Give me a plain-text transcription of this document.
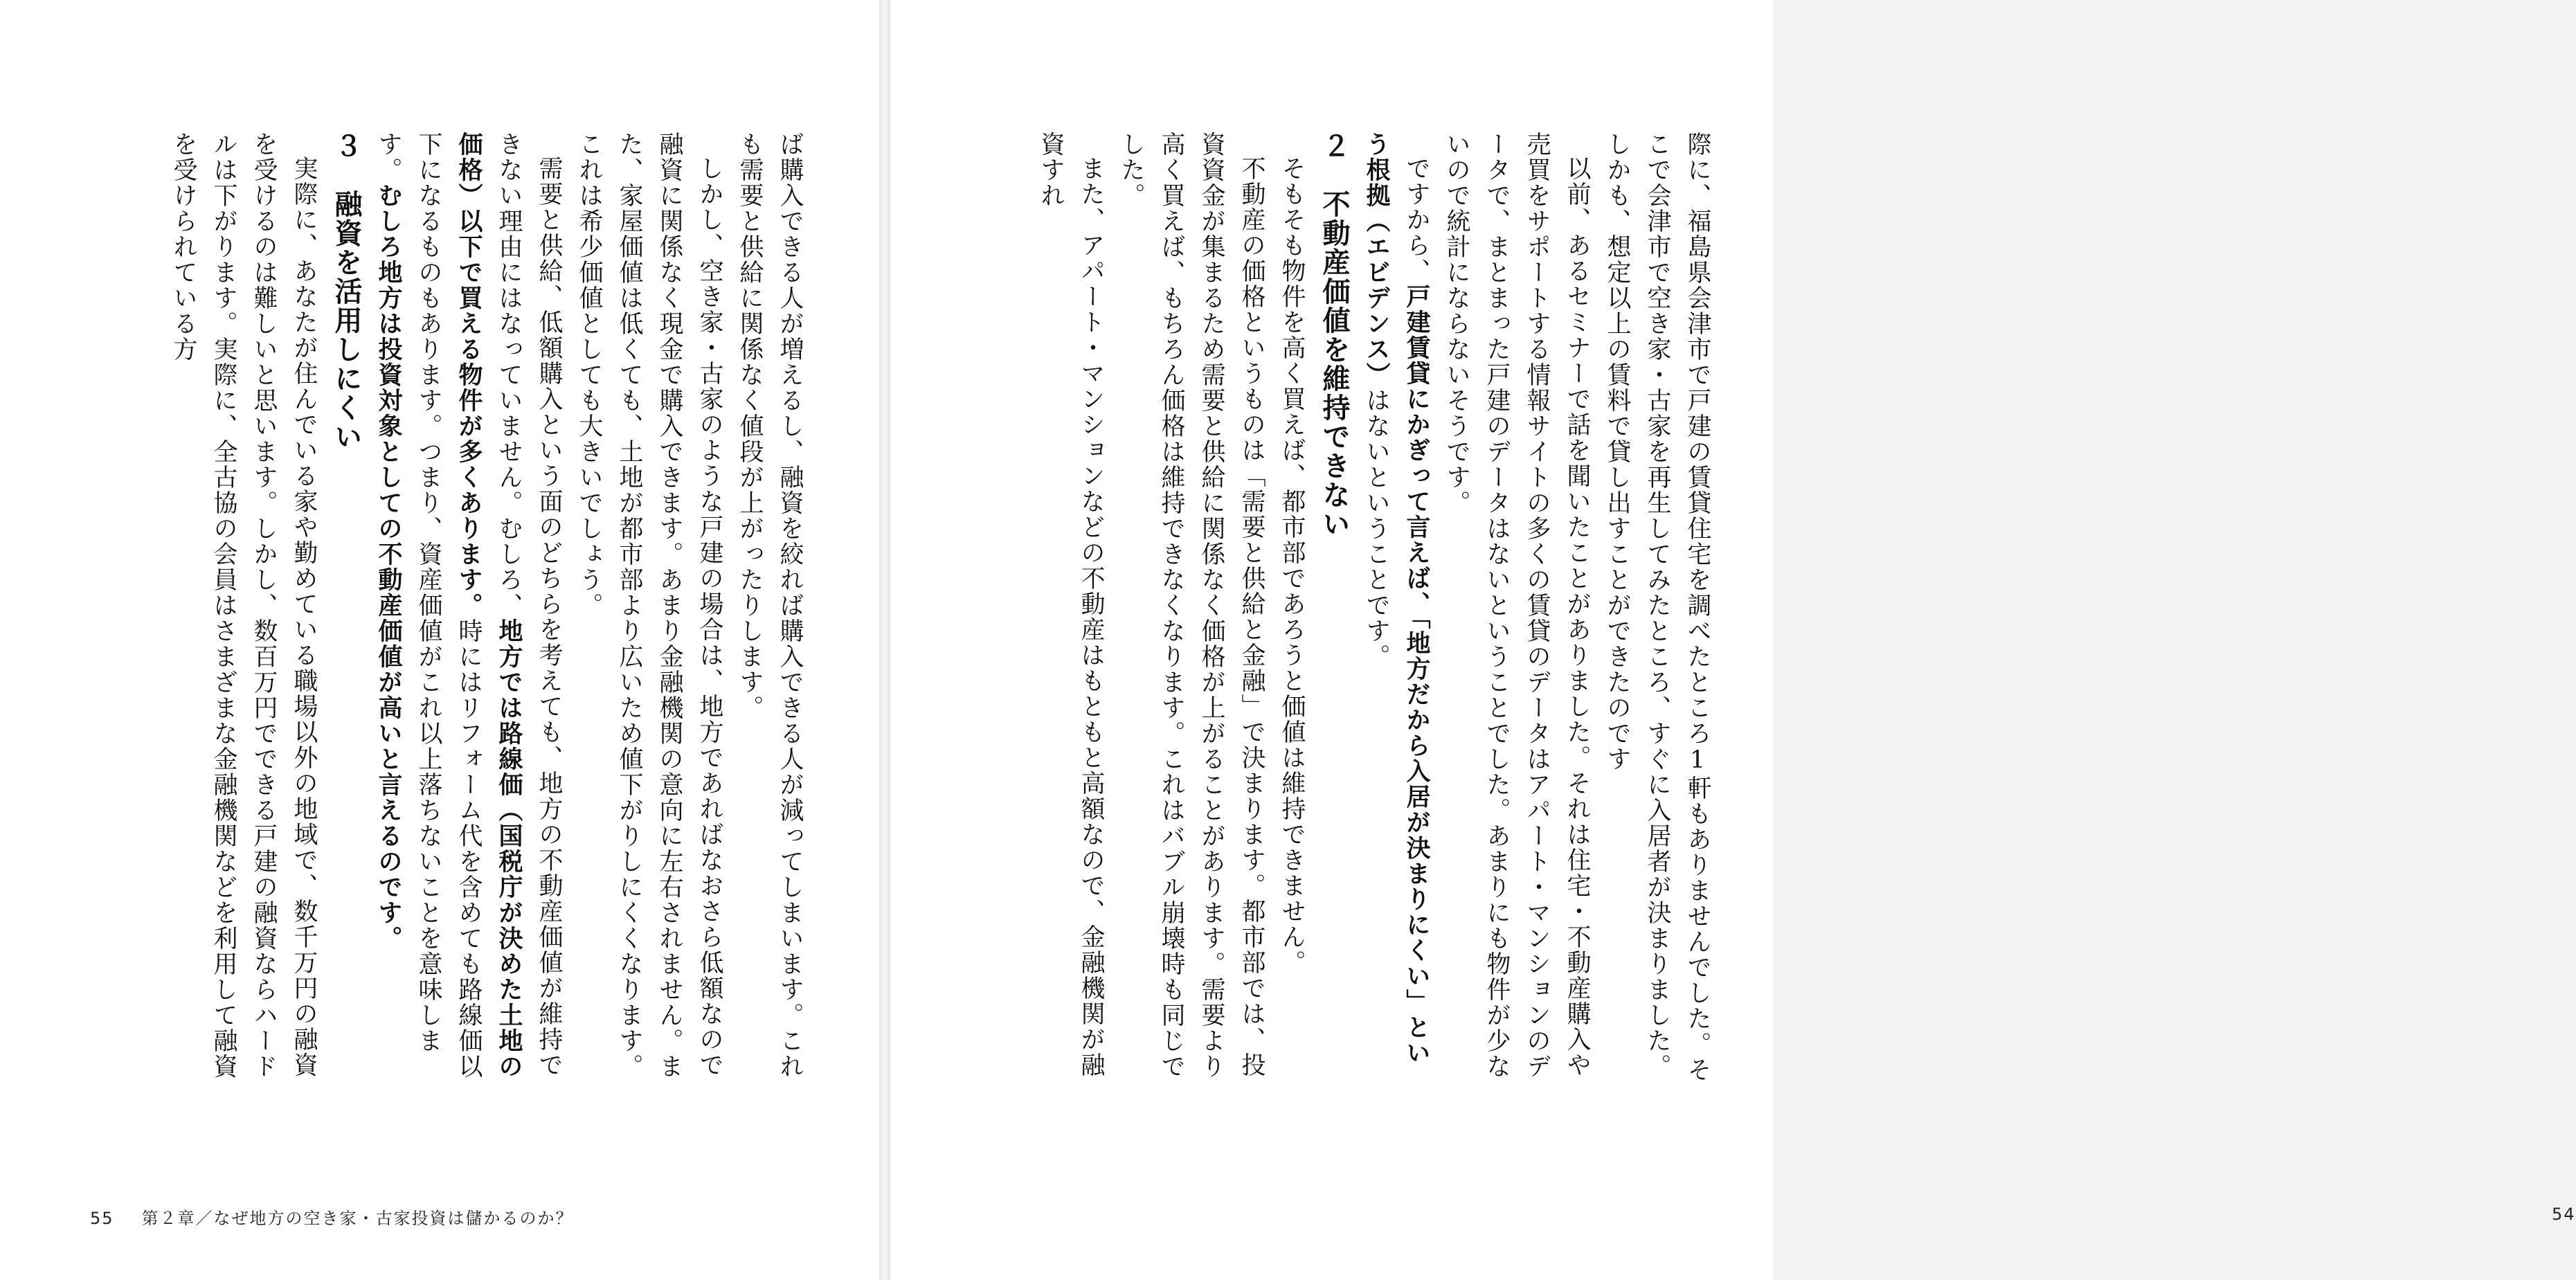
際に、福島県会津市で戸建の賃貸住宅を調べたところ1軒もありませんでした。そこで会津市で空き家・古家を再生してみたところ、すぐに入居者が決まりました。しかも、想定以上の賃料で貸し出すことができたのです

以前、あるセミナーで話を聞いたことがありました。それは住宅・不動産購入や売買をサポートする情報サイトの多くの賃貸のデータはアパート・マンションのデータで、まとまった戸建のデータはないということでした。あまりにも物件が少ないので統計にならないそうです。

ですから、戸建賃貸にかぎって言えば、「地方だから入居が決まりにくい」という根拠（エビデンス）はないということです。

２　不動産価値を維持できない

そもそも物件を高く買えば、都市部であろうと価値は維持できません。

不動産の価格というものは「需要と供給と金融」で決まります。都市部では、投資資金が集まるため需要と供給に関係なく価格が上がることがあります。需要より高く買えば、もちろん価格は維持できなくなります。これはバブル崩壊時も同じでした。

また、アパート・マンションなどの不動産はもともと高額なので、金融機関が融資すれ

54

ば購入できる人が増えるし、融資を絞れば購入できる人が減ってしまいます。これも需要と供給に関係なく値段が上がったりします。

しかし、空き家・古家のような戸建の場合は、地方であればなおさら低額なので融資に関係なく現金で購入できます。あまり金融機関の意向に左右されません。また、家屋価値は低くても、土地が都市部より広いため値下がりしにくくなります。これは希少価値としても大きいでしょう。

需要と供給、低額購入という面のどちらを考えても、地方の不動産価値が維持できない理由にはなっていません。むしろ、地方では路線価（国税庁が決めた土地の価格）以下で買える物件が多くあります。時にはリフォーム代を含めても路線価以下になるものもあります。つまり、資産価値がこれ以上落ちないことを意味します。むしろ地方は投資対象としての不動産価値が高いと言えるのです。

３　融資を活用しにくい

実際に、あなたが住んでいる家や勤めている職場以外の地域で、数千万円の融資を受けるのは難しいと思います。しかし、数百万円でできる戸建の融資ならハードルは下がります。実際に、全古協の会員はさまざまな金融機関などを利用して融資を受けられている方

55 第２章／なぜ地方の空き家・古家投資は儲かるのか？
